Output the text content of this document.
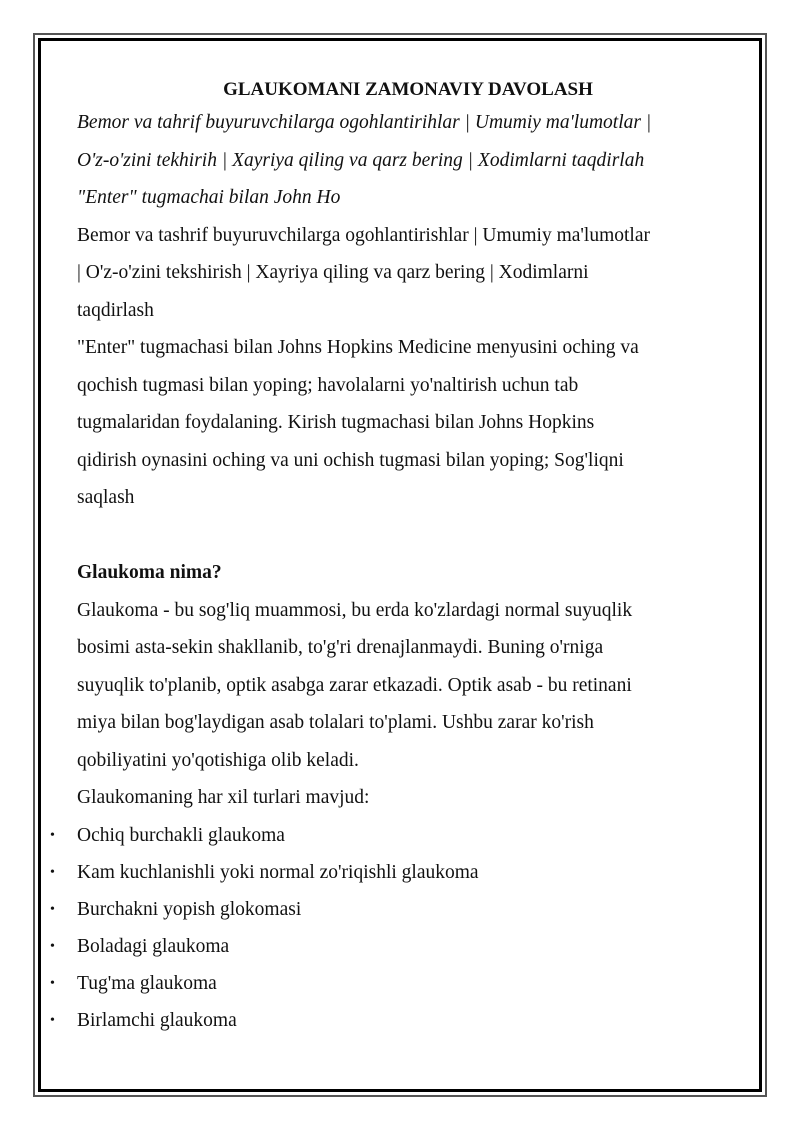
GLAUKOMANI ZAMONAVIY DAVOLASH

Bemor va tahrif buyuruvchilarga ogohlantirihlar | Umumiy ma'lumotlar |

O'z-o'zini tekhirih | Xayriya qiling va qarz bering | Xodimlarni taqdirlah

"Enter" tugmachai bilan John Ho

Bemor va tashrif buyuruvchilarga ogohlantirishlar | Umumiy ma'lumotlar

| O'z-o'zini tekshirish | Xayriya qiling va qarz bering | Xodimlarni

taqdirlash

"Enter" tugmachasi bilan Johns Hopkins Medicine menyusini oching va

qochish tugmasi bilan yoping; havolalarni yo'naltirish uchun tab

tugmalaridan foydalaning. Kirish tugmachasi bilan Johns Hopkins

qidirish oynasini oching va uni ochish tugmasi bilan yoping; Sog'liqni

saqlash

Glaukoma nima?

Glaukoma - bu sog'liq muammosi, bu erda ko'zlardagi normal suyuqlik

bosimi asta-sekin shakllanib, to'g'ri drenajlanmaydi. Buning o'rniga

suyuqlik to'planib, optik asabga zarar etkazadi. Optik asab - bu retinani

miya bilan bog'laydigan asab tolalari to'plami. Ushbu zarar ko'rish

qobiliyatini yo'qotishiga olib keladi.

Glaukomaning har xil turlari mavjud:

• Ochiq burchakli glaukoma
• Kam kuchlanishli yoki normal zo'riqishli glaukoma
• Burchakni yopish glokomasi
• Boladagi glaukoma
• Tug'ma glaukoma
• Birlamchi glaukoma
